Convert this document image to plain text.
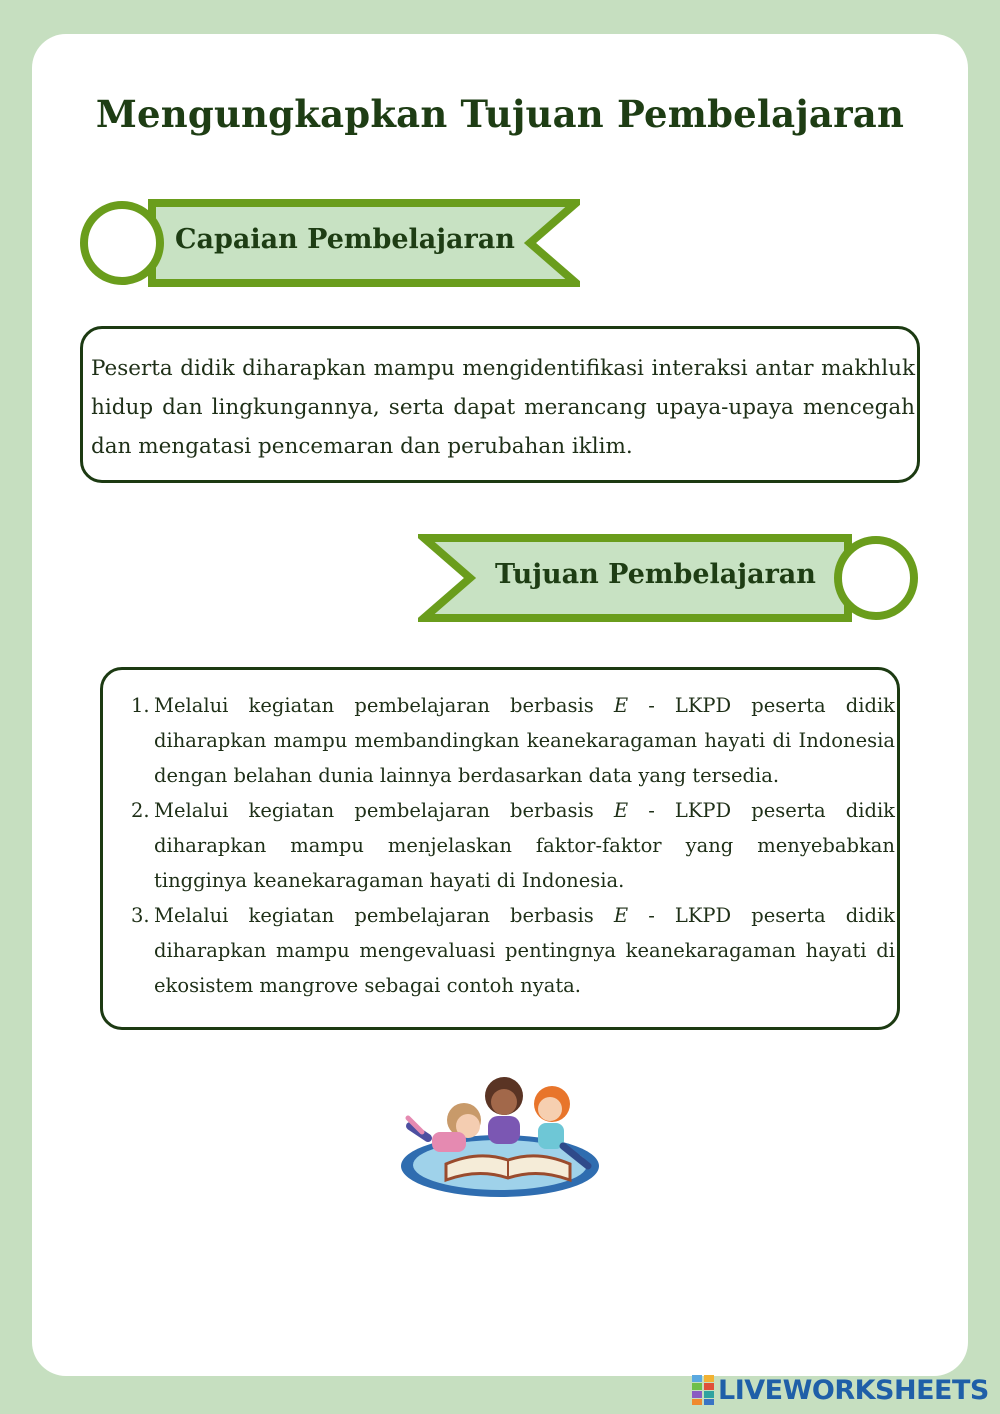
Mengungkapkan Tujuan Pembelajaran
Capaian Pembelajaran

Peserta didik diharapkan mampu mengidentifikasi interaksi antar makhluk hidup dan lingkungannya, serta dapat merancang upaya-upaya mencegah dan mengatasi pencemaran dan perubahan iklim.

Tujuan Pembelajaran
1. Melalui kegiatan pembelajaran berbasis E - LKPD peserta didik diharapkan mampu membandingkan keanekaragaman hayati di Indonesia dengan belahan dunia lainnya berdasarkan data yang tersedia.
2. Melalui kegiatan pembelajaran berbasis E - LKPD peserta didik diharapkan mampu menjelaskan faktor-faktor yang menyebabkan tingginya keanekaragaman hayati di Indonesia.
3. Melalui kegiatan pembelajaran berbasis E - LKPD peserta didik diharapkan mampu mengevaluasi pentingnya keanekaragaman hayati di ekosistem mangrove sebagai contoh nyata.
LIVEWORKSHEETS
